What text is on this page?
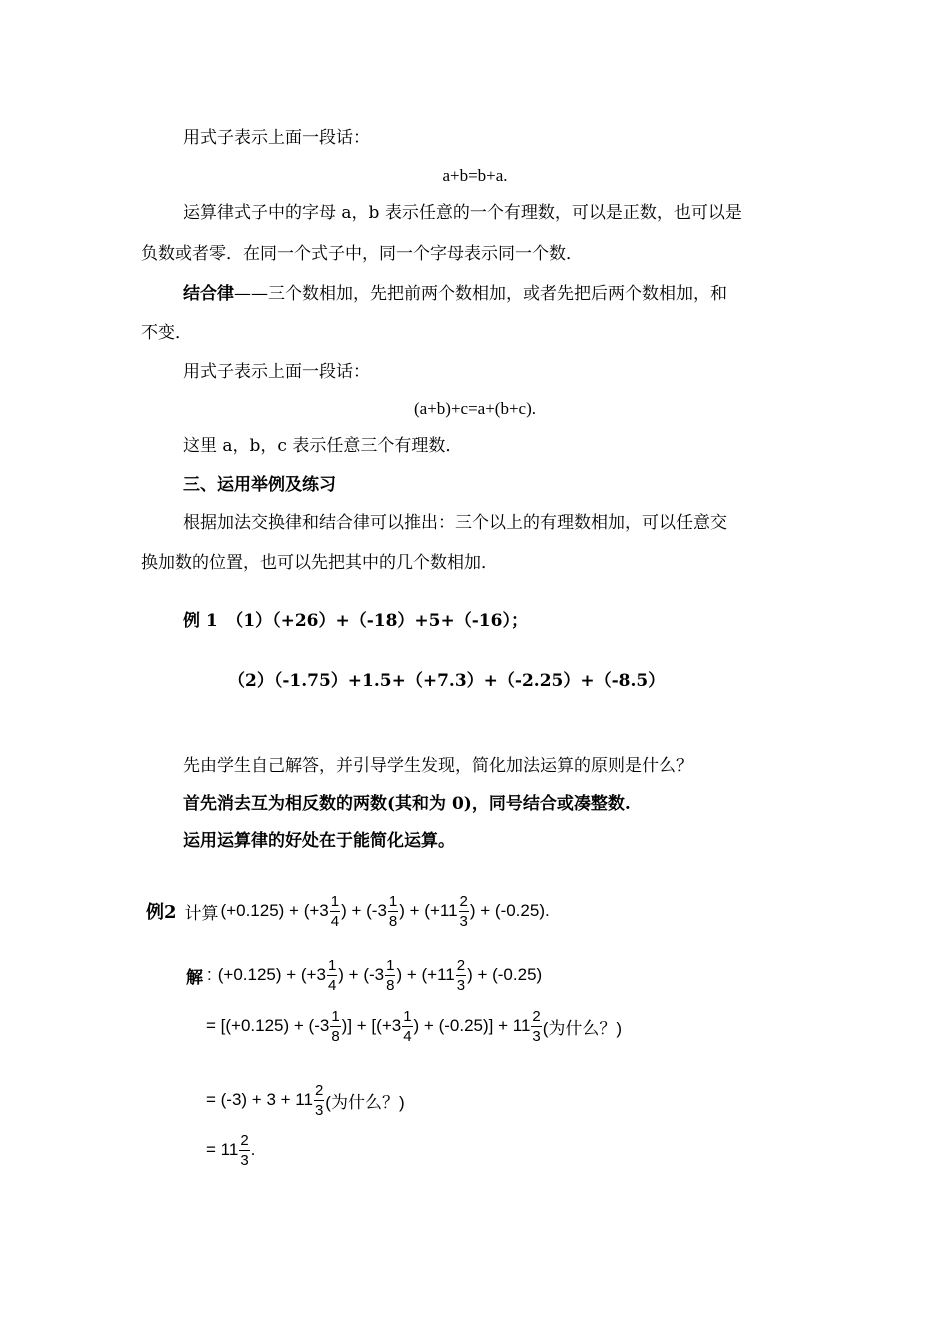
用式子表示上面一段话：
a+b=b+a.
运算律式子中的字母 a，b 表示任意的一个有理数，可以是正数，也可以是
负数或者零．在同一个式子中，同一个字母表示同一个数．
结合律——三个数相加，先把前两个数相加，或者先把后两个数相加，和
不变．
用式子表示上面一段话：
(a+b)+c=a+(b+c).
这里 a，b，c 表示任意三个有理数．
三、运用举例及练习
根据加法交换律和结合律可以推出：三个以上的有理数相加，可以任意交
换加数的位置，也可以先把其中的几个数相加．
例 1　（1）（+26）+（-18）+5+（-16）；
（2）（-1.75）+1.5+（+7.3）+（-2.25）+（-8.5）
先由学生自己解答，并引导学生发现，简化加法运算的原则是什么？
首先消去互为相反数的两数(其和为 0)，同号结合或凑整数.
运用运算律的好处在于能简化运算。
例2 计算 $(+0.125) + (+3 \frac{1}{4}$ ) + ($-3 \frac{1}{8}$ ) + ($+11 \frac{2}{3}$ ) + (-0.25).
解 : $(+0.125) + (+3 \frac{1}{4}$ ) + ($-3 \frac{1}{8}$ ) + ($+11 \frac{2}{3}$ ) + (-0.25)
= [$(+0.125) + (-3 \frac{1}{8}$ )] + [($+3 \frac{1}{4}$ ) + $(-0.25)] + 11 \frac{2}{3}$ (为什么？)
= $(-3) + 3 + 11 \frac{2}{3}$ (为什么？)
= $11 \frac{2}{3}$ .
